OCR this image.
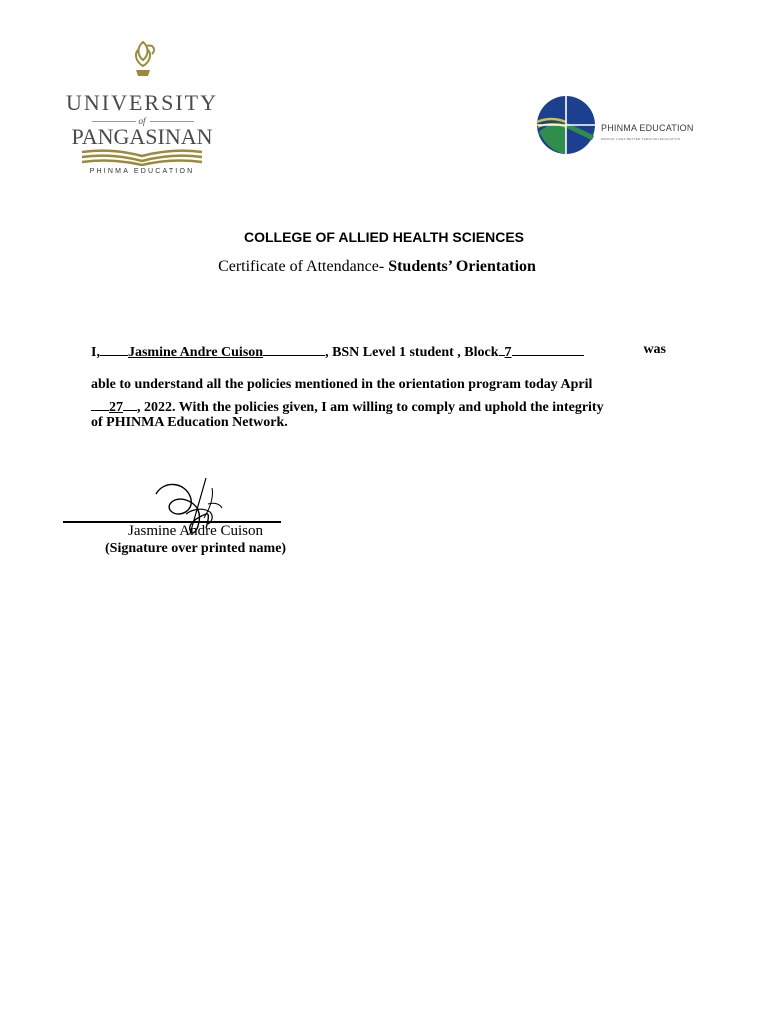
UNIVERSITY
of
PANGASINAN
PHINMA EDUCATION
PHINMA EDUCATION
MAKING LIVES BETTER THROUGH EDUCATION
COLLEGE OF ALLIED HEALTH SCIENCES
Certificate of Attendance- Students’ Orientation
I, Jasmine Andre Cuison	, BSN Level 1 student , Block 7	was
able to understand all the policies mentioned in the orientation program today April
27 , 2022. With the policies given, I am willing to comply and uphold the integrity
of PHINMA Education Network.
Jasmine Andre Cuison
(Signature over printed name)
